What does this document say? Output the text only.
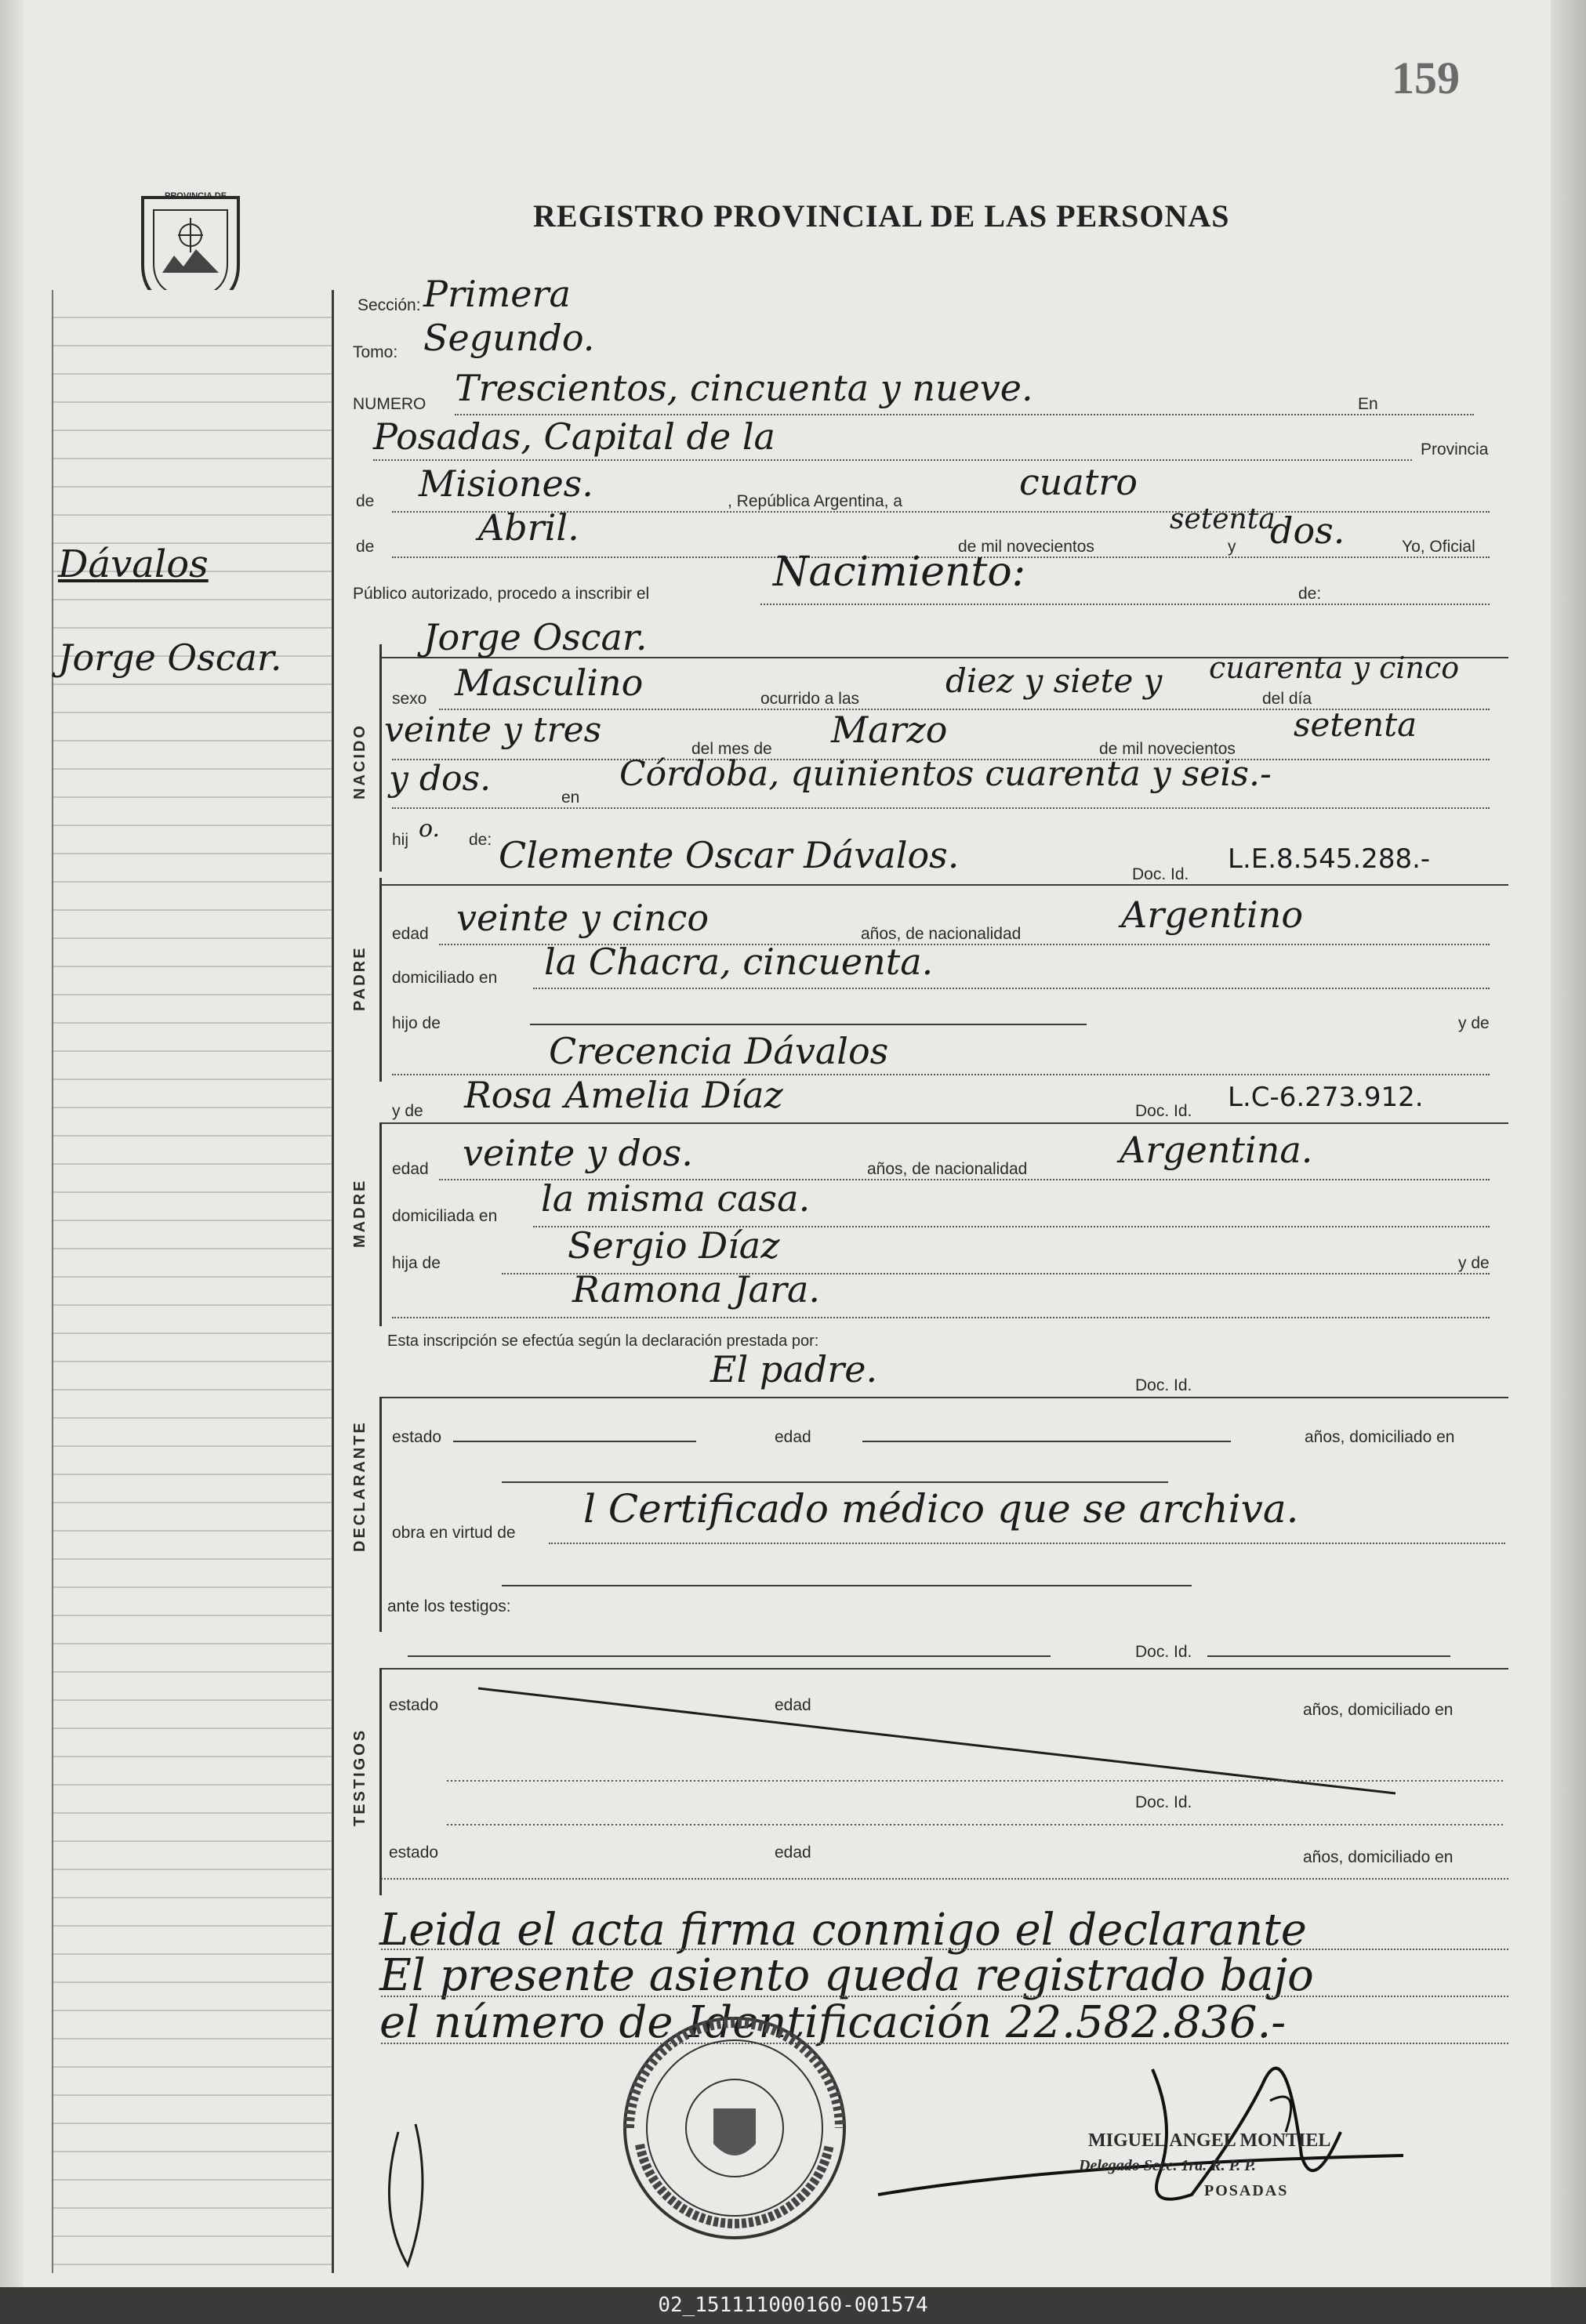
159
PROVINCIA DE
REGISTRO PROVINCIAL DE LAS PERSONAS
Dávalos
Jorge Oscar.
Sección: Primera
Tomo: Segundo.
NUMERO Trescientos, cincuenta y nueve.	En
Posadas, Capital de la	Provincia
de Misiones.	, República Argentina, a	cuatro
de	Abril.	de mil novecientos
setenta
y dos.	Yo, Oficial
Público autorizado, procedo a inscribir el	Nacimiento:	de:
NACIDO
Jorge Oscar.
sexo Masculino	ocurrido a las	diez y siete y	del día
cuarenta y cinco
veinte y tres	del mes de Marzo	de mil novecientos
setenta
y dos.	en
Córdoba, quinientos cuarenta y seis.-
hij o. de:
PADRE
Clemente Oscar Dávalos.	Doc. Id. L.E.8.545.288.-
edad veinte y cinco	años, de nacionalidad	Argentino
domiciliado en la Chacra, cincuenta.
hijo de	y de
Crecencia Dávalos
y de Rosa Amelia Díaz	Doc. Id. L.C-6.273.912.
MADRE
edad veinte y dos.	años, de nacionalidad	Argentina.
domiciliada en la misma casa.
hija de	Sergio Díaz	y de
Ramona Jara.
Esta inscripción se efectúa según la declaración prestada por:
El padre.	Doc. Id.
DECLARANTE estado	edad	años, domiciliado en
obra en virtud de
l Certificado médico que se archiva.
ante los testigos:
Doc. Id.
TESTIGOS
estado	edad	años, domiciliado en
Doc. Id.
estado	edad	años, domiciliado en
Leida el acta firma conmigo el declarante
El presente asiento queda registrado bajo
el número de Identificación 22.582.836.-
MIGUEL ANGEL MONTIEL
Delegado Secc. 1ra. R. P. P.
POSADAS
02_151111000160-001574
